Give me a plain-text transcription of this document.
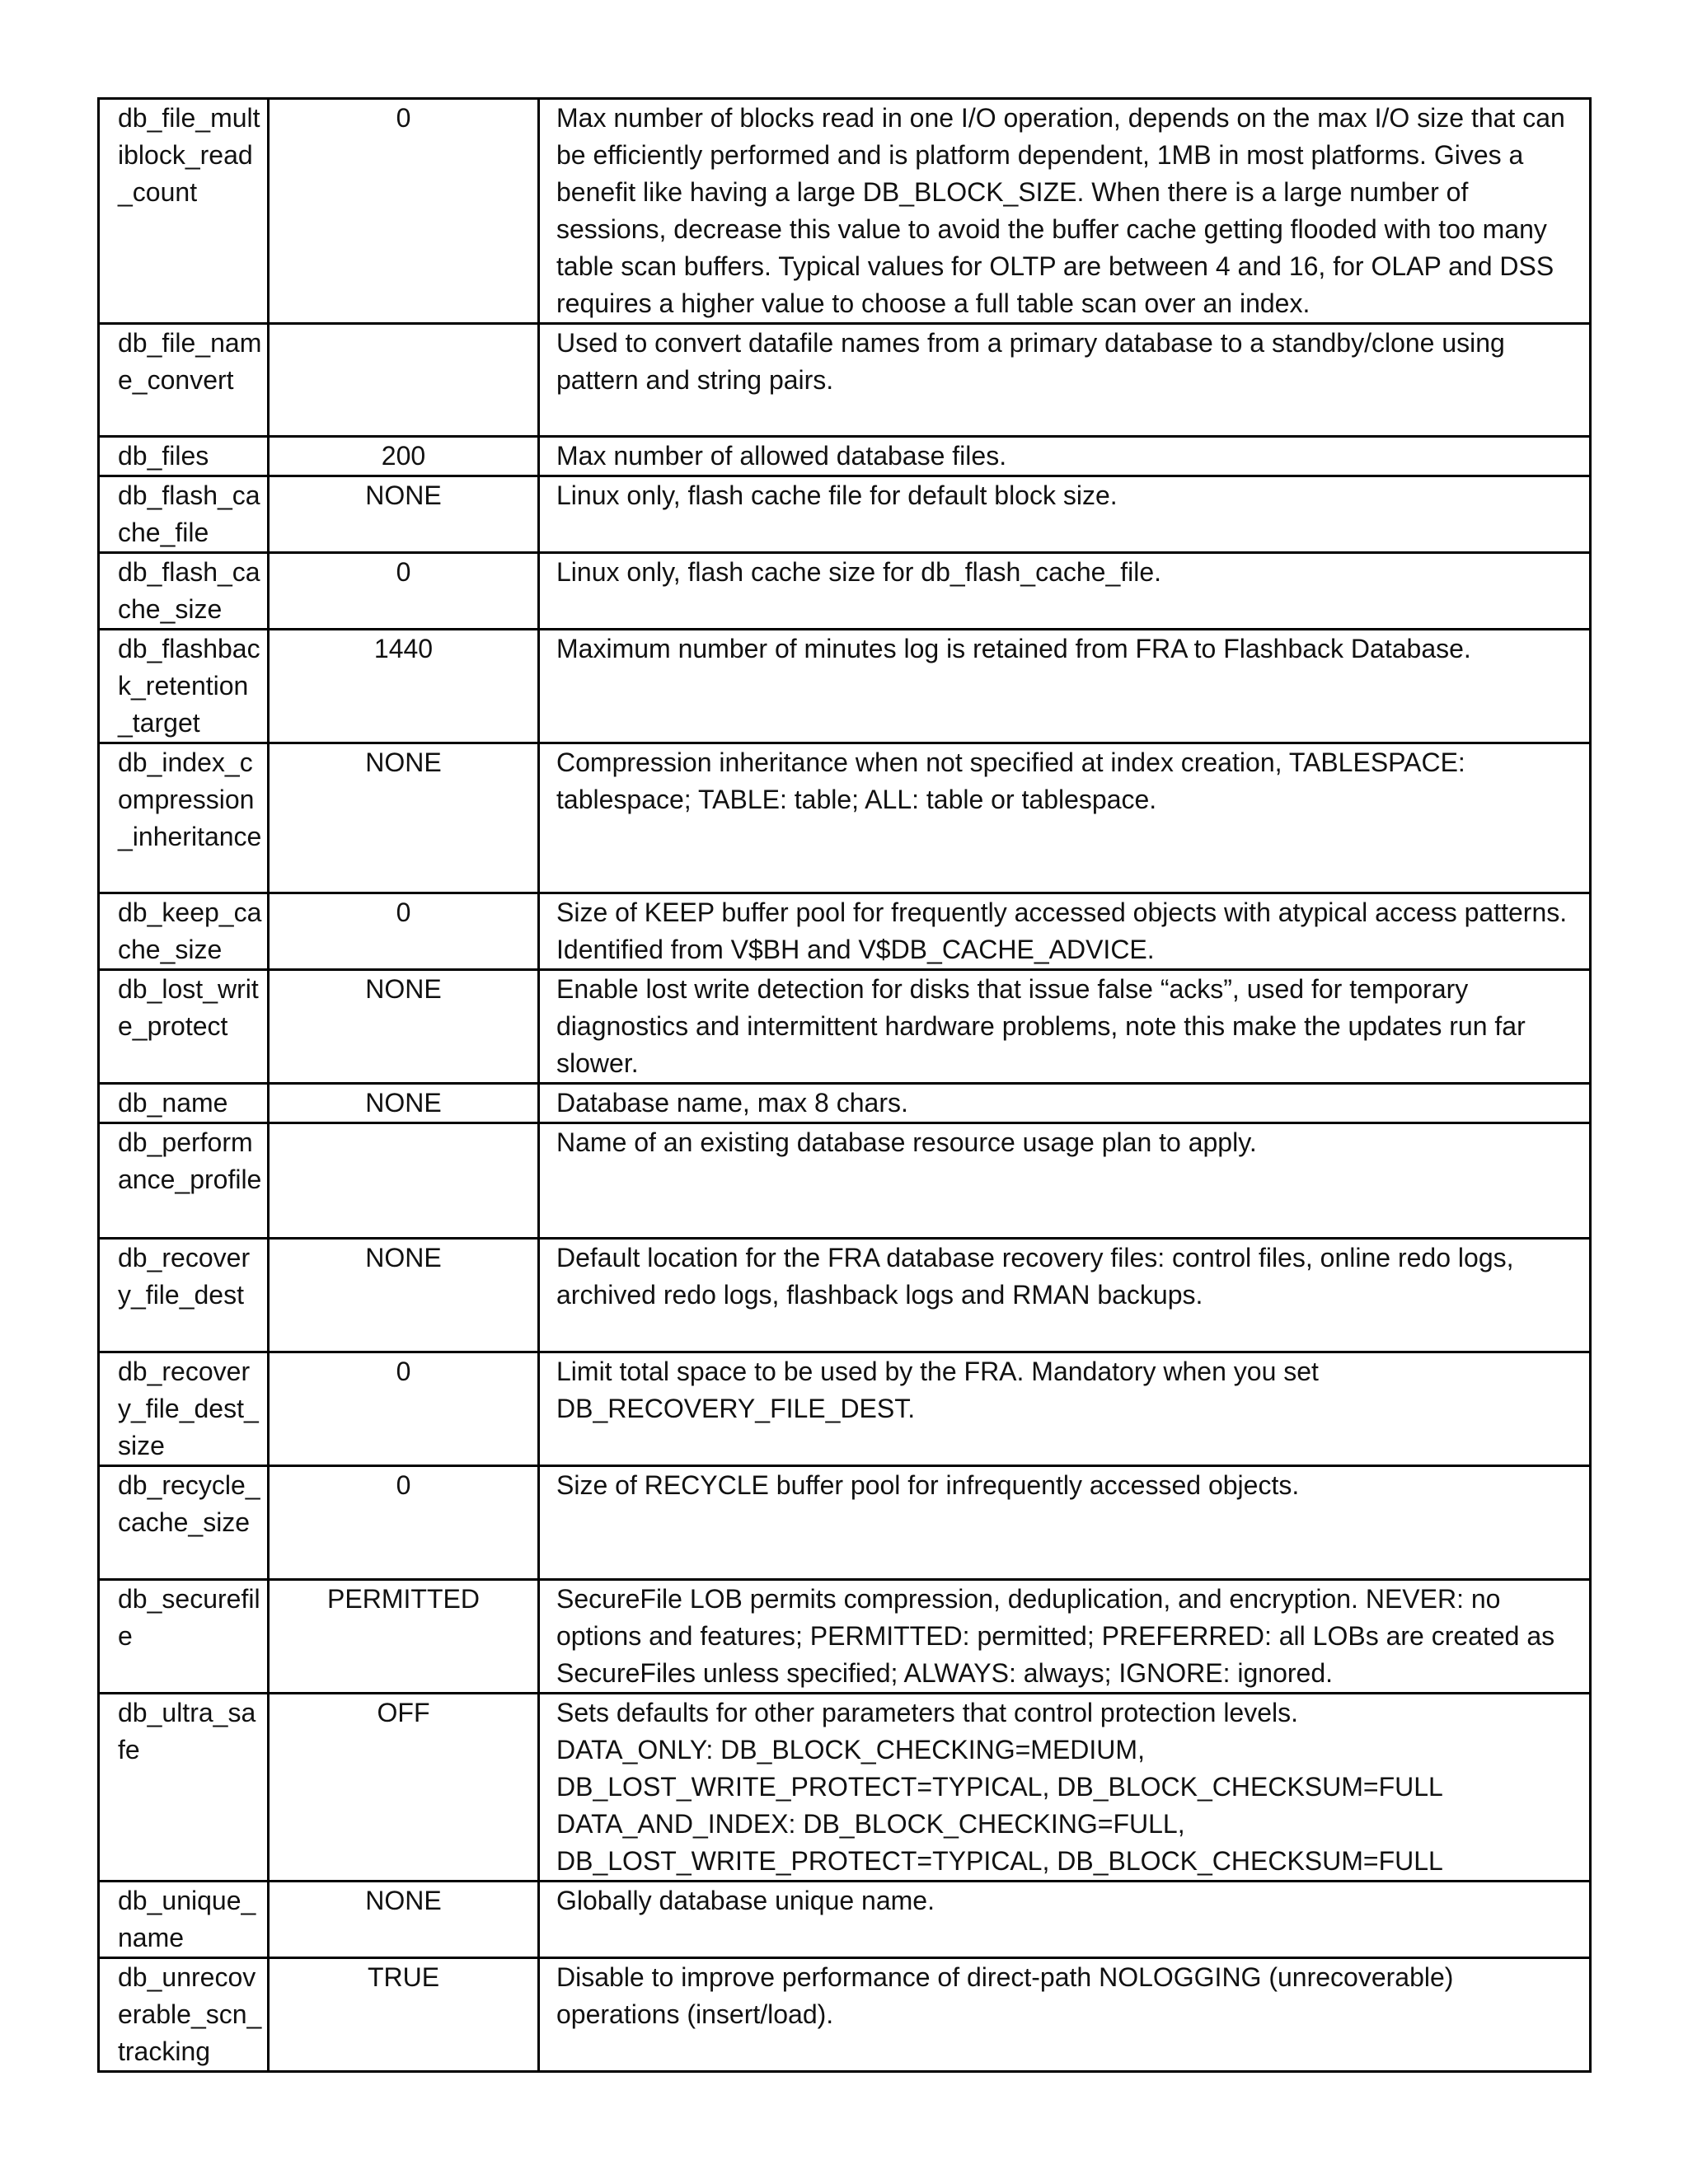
db_file_multiblock_read_count	0	Max number of blocks read in one I/O operation, depends on the max I/O size that can be efficiently performed and is platform dependent, 1MB in most platforms. Gives a benefit like having a large DB_BLOCK_SIZE. When there is a large number of sessions, decrease this value to avoid the buffer cache getting flooded with too many table scan buffers. Typical values for OLTP are between 4 and 16, for OLAP and DSS requires a higher value to choose a full table scan over an index.
db_file_name_convert		Used to convert datafile names from a primary database to a standby/clone using pattern and string pairs.
db_files	200	Max number of allowed database files.
db_flash_cache_file	NONE	Linux only, flash cache file for default block size.
db_flash_cache_size	0	Linux only, flash cache size for db_flash_cache_file.
db_flashback_retention_target	1440	Maximum number of minutes log is retained from FRA to Flashback Database.
db_index_compression_inheritance	NONE	Compression inheritance when not specified at index creation, TABLESPACE: tablespace; TABLE: table; ALL: table or tablespace.
db_keep_cache_size	0	Size of KEEP buffer pool for frequently accessed objects with atypical access patterns. Identified from V$BH and V$DB_CACHE_ADVICE.
db_lost_write_protect	NONE	Enable lost write detection for disks that issue false “acks”, used for temporary diagnostics and intermittent hardware problems, note this make the updates run far slower.
db_name	NONE	Database name, max 8 chars.
db_performance_profile		Name of an existing database resource usage plan to apply.
db_recovery_file_dest	NONE	Default location for the FRA database recovery files: control files, online redo logs, archived redo logs, flashback logs and RMAN backups.
db_recovery_file_dest_size	0	Limit total space to be used by the FRA. Mandatory when you set DB_RECOVERY_FILE_DEST.
db_recycle_cache_size	0	Size of RECYCLE buffer pool for infrequently accessed objects.
db_securefile	PERMITTED	SecureFile LOB permits compression, deduplication, and encryption. NEVER: no options and features; PERMITTED: permitted; PREFERRED: all LOBs are created as SecureFiles unless specified; ALWAYS: always; IGNORE: ignored.
db_ultra_safe	OFF	Sets defaults for other parameters that control protection levels.
DATA_ONLY: DB_BLOCK_CHECKING=MEDIUM,
DB_LOST_WRITE_PROTECT=TYPICAL, DB_BLOCK_CHECKSUM=FULL
DATA_AND_INDEX: DB_BLOCK_CHECKING=FULL,
DB_LOST_WRITE_PROTECT=TYPICAL, DB_BLOCK_CHECKSUM=FULL
db_unique_name	NONE	Globally database unique name.
db_unrecoverable_scn_tracking	TRUE	Disable to improve performance of direct-path NOLOGGING (unrecoverable) operations (insert/load).
